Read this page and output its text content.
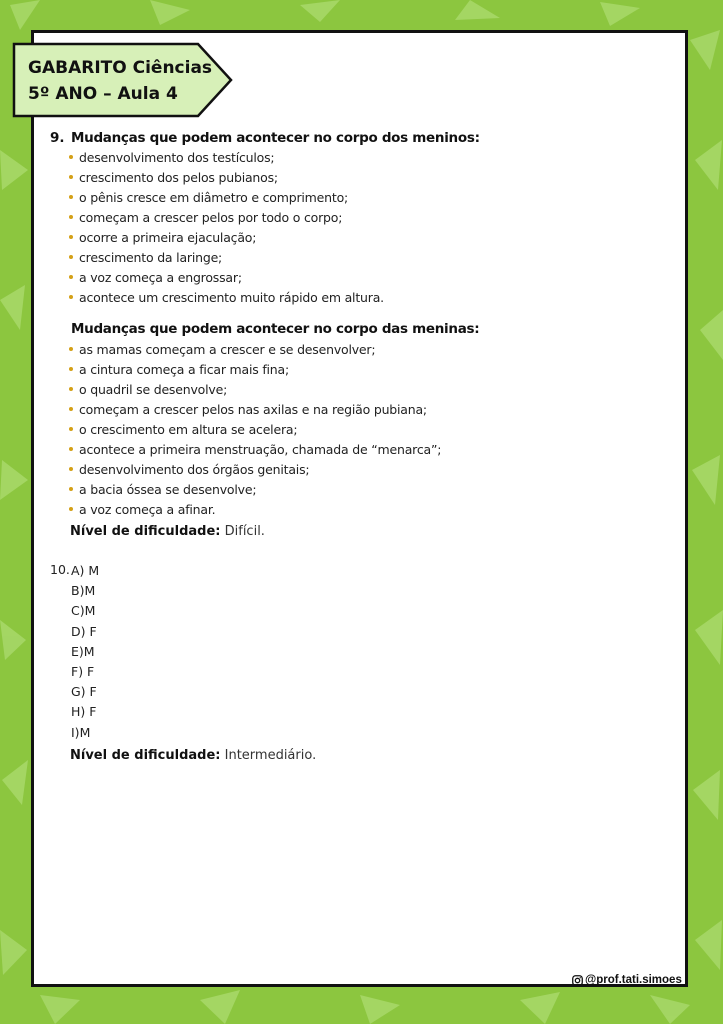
GABARITO Ciências
5º ANO – Aula 4
9. Mudanças que podem acontecer no corpo dos meninos:
desenvolvimento dos testículos;
crescimento dos pelos pubianos;
o pênis cresce em diâmetro e comprimento;
começam a crescer pelos por todo o corpo;
ocorre a primeira ejaculação;
crescimento da laringe;
a voz começa a engrossar;
acontece um crescimento muito rápido em altura.
Mudanças que podem acontecer no corpo das meninas:
as mamas começam a crescer e se desenvolver;
a cintura começa a ficar mais fina;
o quadril se desenvolve;
começam a crescer pelos nas axilas e na região pubiana;
o crescimento em altura se acelera;
acontece a primeira menstruação, chamada de “menarca”;
desenvolvimento dos órgãos genitais;
a bacia óssea se desenvolve;
a voz começa a afinar.
Nível de dificuldade: Difícil.
10. A) M
B)M
C)M
D) F
E)M
F) F
G) F
H) F
I)M
Nível de dificuldade: Intermediário.
@prof.tati.simoes
